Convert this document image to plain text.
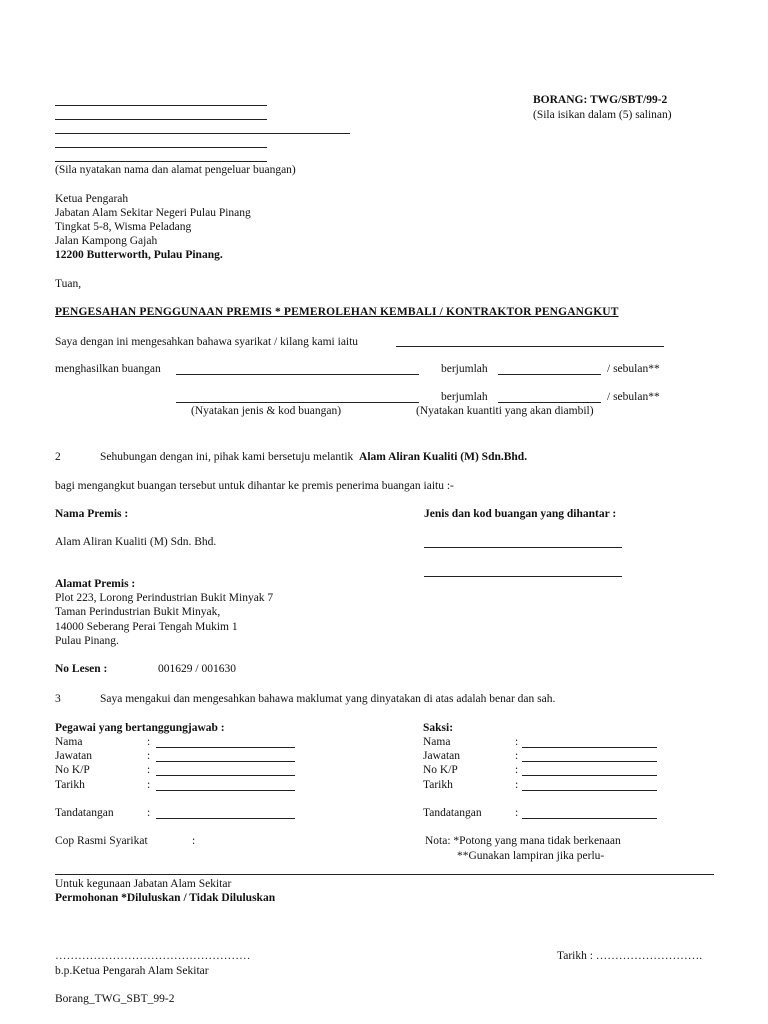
BORANG: TWG/SBT/99-2
(Sila isikan dalam (5) salinan)
(Sila nyatakan nama dan alamat pengeluar buangan)
Ketua Pengarah
Jabatan Alam Sekitar Negeri Pulau Pinang
Tingkat 5-8, Wisma Peladang
Jalan Kampong Gajah
12200 Butterworth, Pulau Pinang.
Tuan,
PENGESAHAN PENGGUNAAN PREMIS * PEMEROLEHAN KEMBALI / KONTRAKTOR PENGANGKUT
Saya dengan ini mengesahkan bahawa syarikat / kilang kami iaitu
menghasilkan buangan	berjumlah	/ sebulan**
berjumlah	/ sebulan**
(Nyatakan jenis & kod buangan)	(Nyatakan kuantiti yang akan diambil)
2	Sehubungan dengan ini, pihak kami bersetuju melantik Alam Aliran Kualiti (M) Sdn.Bhd.
bagi mengangkut buangan tersebut untuk dihantar ke premis penerima buangan iaitu :-
Nama Premis :	Jenis dan kod buangan yang dihantar :
Alam Aliran Kualiti (M) Sdn. Bhd.
Alamat Premis :
Plot 223, Lorong Perindustrian Bukit Minyak 7
Taman Perindustrian Bukit Minyak,
14000 Seberang Perai Tengah Mukim 1
Pulau Pinang.
No Lesen :	001629 / 001630
3	Saya mengakui dan mengesahkan bahawa maklumat yang dinyatakan di atas adalah benar dan sah.
Pegawai yang bertanggungjawab :	Saksi:
Nama	:
Jawatan	:
No K/P	:
Tarikh	:
Tandatangan	:
Nama	:
Jawatan	:
No K/P	:
Tarikh	:
Tandatangan	:
Cop Rasmi Syarikat	:	Nota: *Potong yang mana tidak berkenaan
**Gunakan lampiran jika perlu-
Untuk kegunaan Jabatan Alam Sekitar
Permohonan *Diluluskan / Tidak Diluluskan
……………………………………………	Tarikh : ……………………….
b.p.Ketua Pengarah Alam Sekitar
Borang_TWG_SBT_99-2
